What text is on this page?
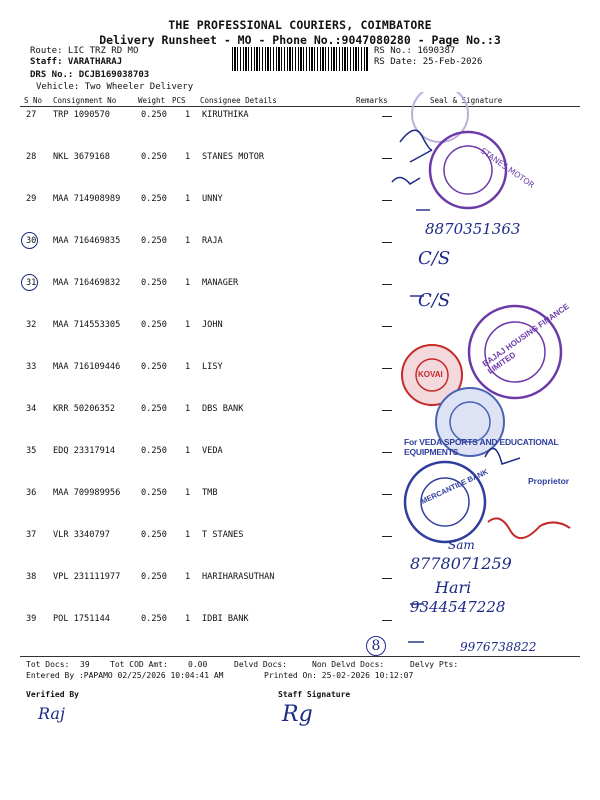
THE PROFESSIONAL COURIERS, COIMBATORE
Delivery Runsheet - MO - Phone No.:9047080280 - Page No.:3
Route: LIC TRZ RD MO
Staff: VARATHARAJ
DRS No.: DCJB169038703
Vehicle: Two Wheeler Delivery
RS No.: 1690387
RS Date: 25-Feb-2026
S No Consignment No	Weight PCS Consignee Details	Remarks	Seal & Signature
27 TRP 1090570	0.250 1 KIRUTHIKA
28 NKL 3679168	0.250 1 STANES MOTOR
29 MAA 714908989 0.250 1 UNNY
30 MAA 716469835 0.250 1 RAJA
31 MAA 716469832 0.250 1 MANAGER
32 MAA 714553305 0.250 1 JOHN
33 MAA 716109446 0.250 1 LISY
34 KRR 50206352	0.250 1 DBS BANK
35 EDQ 23317914	0.250 1 VEDA
36 MAA 709989956 0.250 1 TMB
37 VLR 3340797	0.250 1 T STANES
38 VPL 231111977 0.250 1 HARIHARASUTHAN
39 POL 1751144	0.250 1 IDBI BANK
STANES MOTOR
For VEDA SPORTS AND EDUCATIONAL EQUIPMENTS
Proprietor
BAJAJ HOUSING FINANCE LIMITED
KOVAI
MERCANTILE BANK
8870351363
C/S
C/S
Sam
8778071259
Hari
9344547228
9976738822
8
Tot Docs: 39	Tot COD Amt:	0.00	Delvd Docs:	Non Delvd Docs:	Delvy Pts:
Entered By :PAPAMO 02/25/2026 10:04:41 AM	Printed On: 25-02-2026 10:12:07
Verified By	Staff Signature
Raj	Rg
